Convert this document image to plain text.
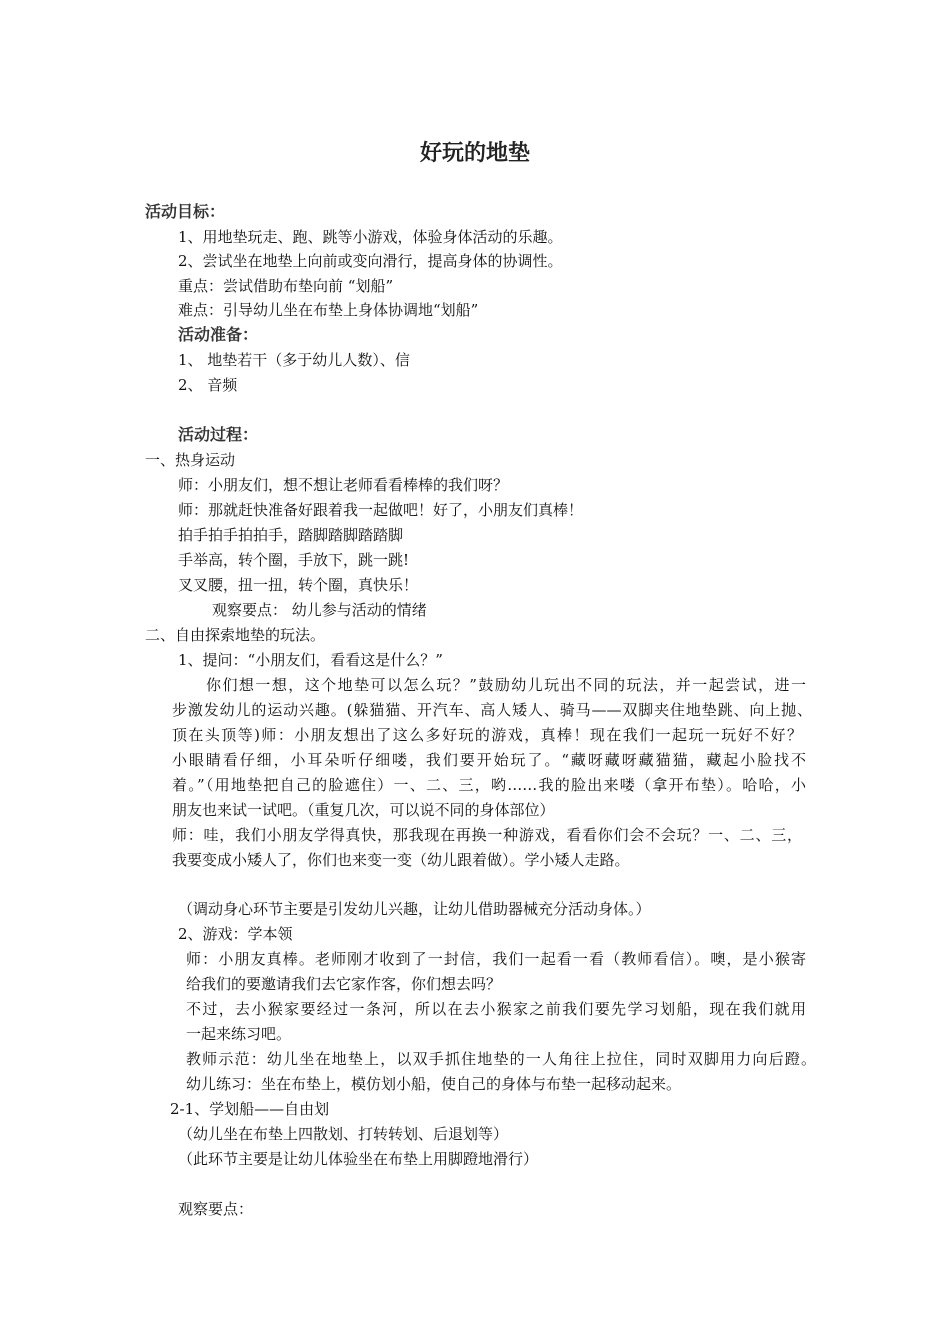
好玩的地垫
活动目标：
1、用地垫玩走、跑、跳等小游戏，体验身体活动的乐趣。
2、尝试坐在地垫上向前或变向滑行，提高身体的协调性。
重点：尝试借助布垫向前 “划船”
难点：引导幼儿坐在布垫上身体协调地“划船”
活动准备：
1、 地垫若干（多于幼儿人数）、信
2、 音频
活动过程：
一、热身运动
师：小朋友们，想不想让老师看看棒棒的我们呀？
师：那就赶快准备好跟着我一起做吧！好了，小朋友们真棒！
拍手拍手拍拍手，踏脚踏脚踏踏脚
手举高，转个圈，手放下，跳一跳!
叉叉腰，扭一扭，转个圈，真快乐！
观察要点： 幼儿参与活动的情绪
二、自由探索地垫的玩法。
1、提问：“小朋友们，看看这是什么？”
你们想一想，这个地垫可以怎么玩？”鼓励幼儿玩出不同的玩法，并一起尝试，进一
步激发幼儿的运动兴趣。(躲猫猫、开汽车、高人矮人、骑马——双脚夹住地垫跳、向上抛、
顶在头顶等)师：小朋友想出了这么多好玩的游戏，真棒！现在我们一起玩一玩好不好？
小眼睛看仔细，小耳朵听仔细喽，我们要开始玩了。“藏呀藏呀藏猫猫，藏起小脸找不
着。”（用地垫把自己的脸遮住）一、二、三，哟……我的脸出来喽（拿开布垫）。哈哈，小
朋友也来试一试吧。（重复几次，可以说不同的身体部位）
师：哇，我们小朋友学得真快，那我现在再换一种游戏，看看你们会不会玩？一、二、三，
我要变成小矮人了，你们也来变一变（幼儿跟着做）。学小矮人走路。
（调动身心环节主要是引发幼儿兴趣，让幼儿借助器械充分活动身体。）
2、游戏：学本领
师：小朋友真棒。老师刚才收到了一封信，我们一起看一看（教师看信）。噢，是小猴寄
给我们的要邀请我们去它家作客，你们想去吗？
不过，去小猴家要经过一条河，所以在去小猴家之前我们要先学习划船，现在我们就用
一起来练习吧。
教师示范：幼儿坐在地垫上，以双手抓住地垫的一人角往上拉住，同时双脚用力向后蹬。
幼儿练习：坐在布垫上，模仿划小船，使自己的身体与布垫一起移动起来。
2-1、学划船——自由划
（幼儿坐在布垫上四散划、打转转划、后退划等）
（此环节主要是让幼儿体验坐在布垫上用脚蹬地滑行）
观察要点：
